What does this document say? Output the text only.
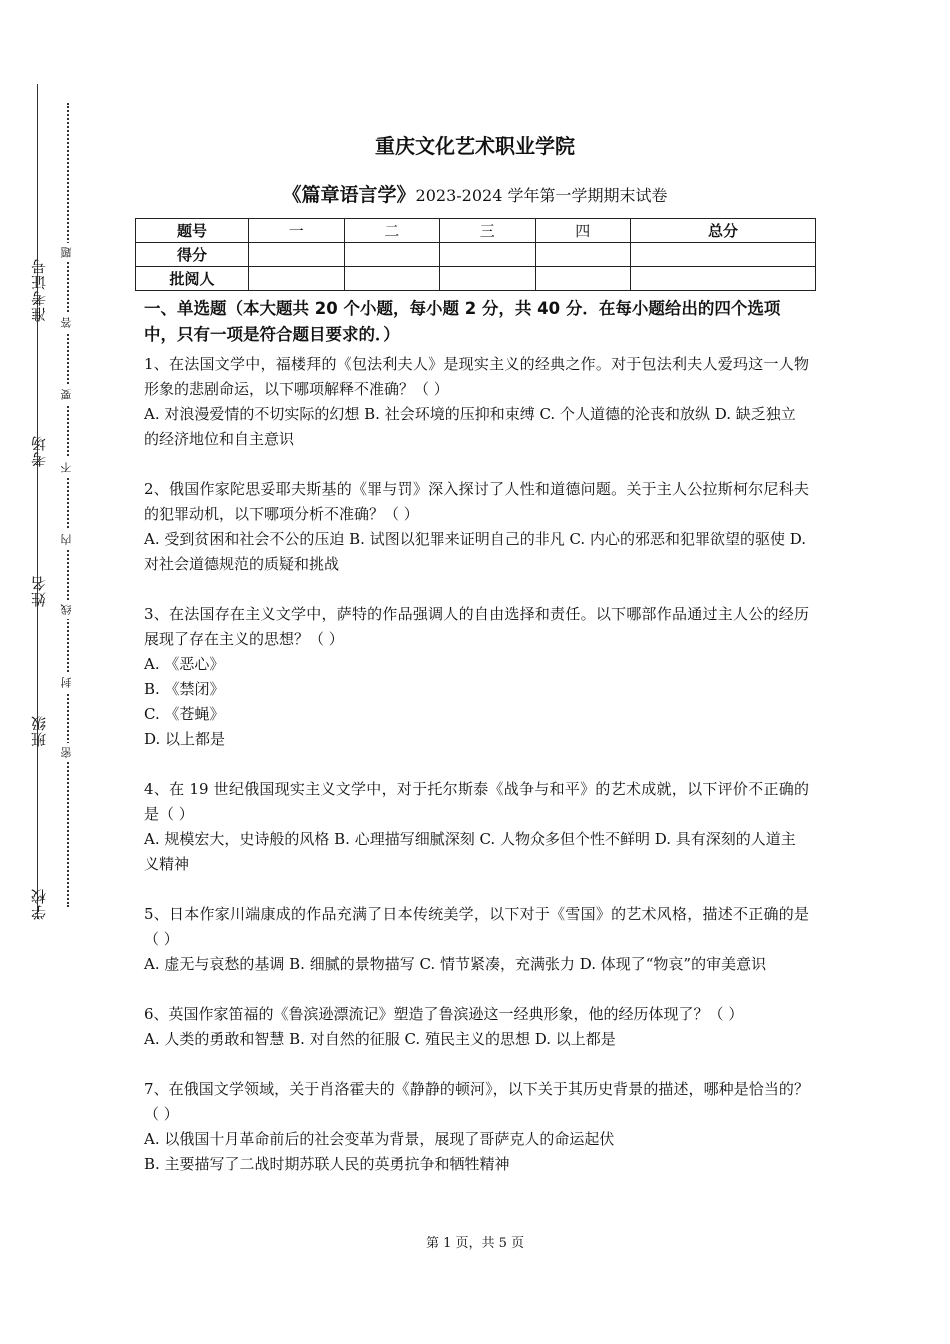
准考证号
考场
姓名
班级
学校
题
答
要
不
内
线
封
密
重庆文化艺术职业学院
《篇章语言学》2023-2024 学年第一学期期末试卷
题号	一	二	三	四	总分
得分					
批阅人					
一、单选题（本大题共 20 个小题，每小题 2 分，共 40 分．在每小题给出的四个选项中，只有一项是符合题目要求的．）
1、在法国文学中，福楼拜的《包法利夫人》是现实主义的经典之作。对于包法利夫人爱玛这一人物形象的悲剧命运，以下哪项解释不准确？（ ）
A. 对浪漫爱情的不切实际的幻想 B. 社会环境的压抑和束缚 C. 个人道德的沦丧和放纵 D. 缺乏独立的经济地位和自主意识
2、俄国作家陀思妥耶夫斯基的《罪与罚》深入探讨了人性和道德问题。关于主人公拉斯柯尔尼科夫的犯罪动机，以下哪项分析不准确？（ ）
A. 受到贫困和社会不公的压迫 B. 试图以犯罪来证明自己的非凡 C. 内心的邪恶和犯罪欲望的驱使 D. 对社会道德规范的质疑和挑战
3、在法国存在主义文学中，萨特的作品强调人的自由选择和责任。以下哪部作品通过主人公的经历展现了存在主义的思想？（ ）
A. 《恶心》
B. 《禁闭》
C. 《苍蝇》
D. 以上都是
4、在 19 世纪俄国现实主义文学中，对于托尔斯泰《战争与和平》的艺术成就，以下评价不正确的是（ ）
A. 规模宏大，史诗般的风格 B. 心理描写细腻深刻 C. 人物众多但个性不鲜明 D. 具有深刻的人道主义精神
5、日本作家川端康成的作品充满了日本传统美学，以下对于《雪国》的艺术风格，描述不正确的是（ ）
A. 虚无与哀愁的基调 B. 细腻的景物描写 C. 情节紧凑，充满张力 D. 体现了“物哀”的审美意识
6、英国作家笛福的《鲁滨逊漂流记》塑造了鲁滨逊这一经典形象，他的经历体现了？（ ）
A. 人类的勇敢和智慧 B. 对自然的征服 C. 殖民主义的思想 D. 以上都是
7、在俄国文学领域，关于肖洛霍夫的《静静的顿河》，以下关于其历史背景的描述，哪种是恰当的？（ ）
A. 以俄国十月革命前后的社会变革为背景，展现了哥萨克人的命运起伏
B. 主要描写了二战时期苏联人民的英勇抗争和牺牲精神
第 1 页，共 5 页
